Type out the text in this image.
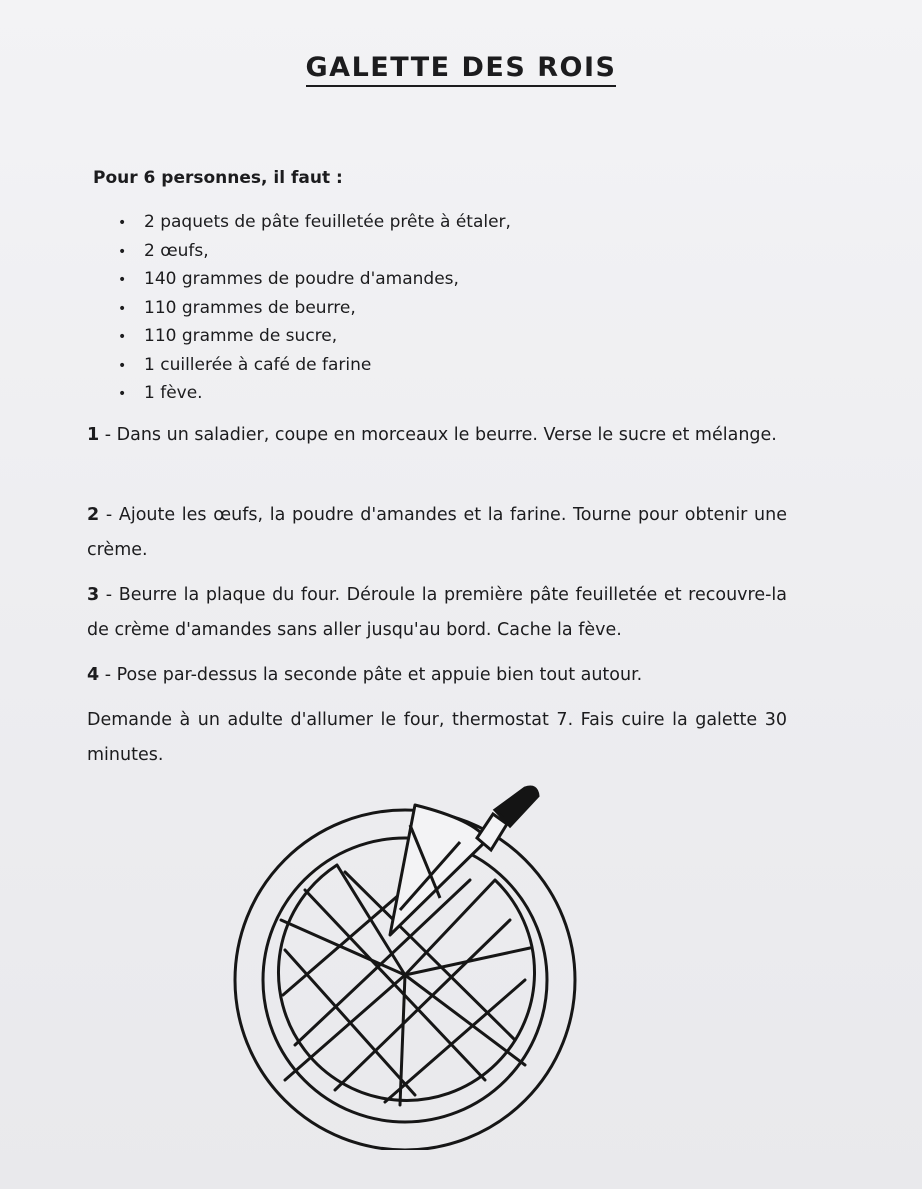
GALETTE DES ROIS
Pour 6 personnes, il faut :
• 2 paquets de pâte feuilletée prête à étaler,
• 2 œufs,
• 140 grammes de poudre d'amandes,
• 110 grammes de beurre,
• 110 gramme de sucre,
• 1 cuillerée à café de farine
• 1 fève.
1 - Dans un saladier, coupe en morceaux le beurre. Verse le sucre et mélange.
2 - Ajoute les œufs, la poudre d'amandes et la farine. Tourne pour obtenir une crème.
3 - Beurre la plaque du four. Déroule la première pâte feuilletée et recouvre-la de crème d'amandes sans aller jusqu'au bord. Cache la fève.
4 - Pose par-dessus la seconde pâte et appuie bien tout autour.
Demande à un adulte d'allumer le four, thermostat 7. Fais cuire la galette 30 minutes.
